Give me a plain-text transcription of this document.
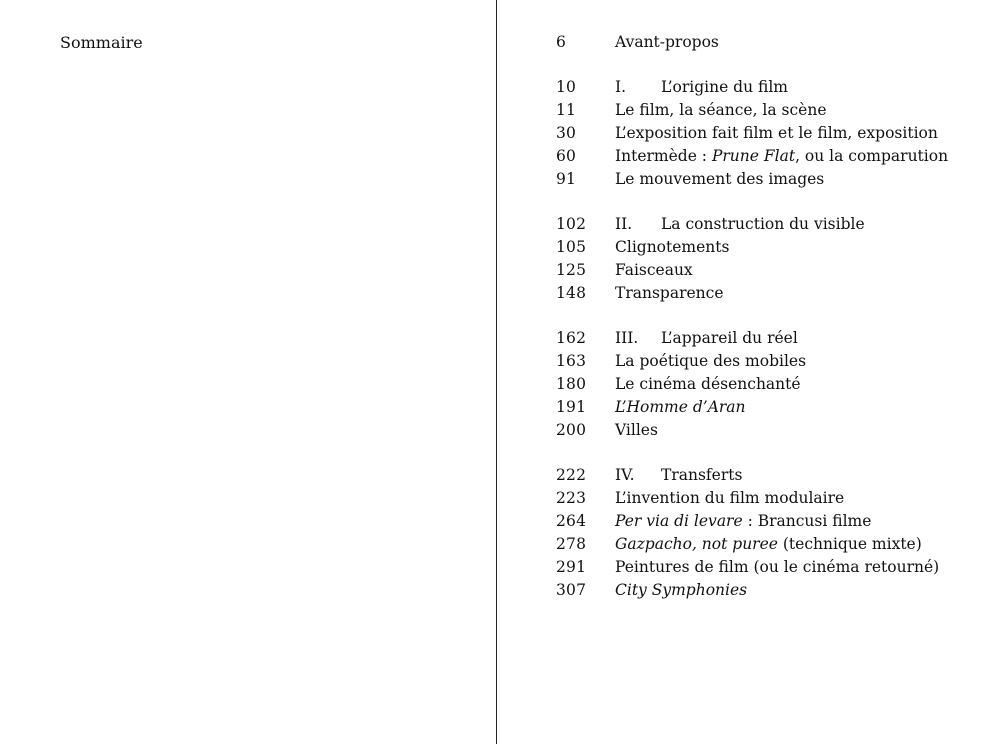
Sommaire	6	Avant-propos
10	I. L’origine du film
11	Le film, la séance, la scène
30	L’exposition fait film et le film, exposition
60	Intermède : Prune Flat, ou la comparution
91	Le mouvement des images
102	II. La construction du visible
105	Clignotements
125	Faisceaux
148	Transparence
162	III. L’appareil du réel
163	La poétique des mobiles
180	Le cinéma désenchanté
191	L’Homme d’Aran
200	Villes
222	IV. Transferts
223	L’invention du film modulaire
264	Per via di levare : Brancusi filme
278	Gazpacho, not puree (technique mixte)
291	Peintures de film (ou le cinéma retourné)
307	City Symphonies
